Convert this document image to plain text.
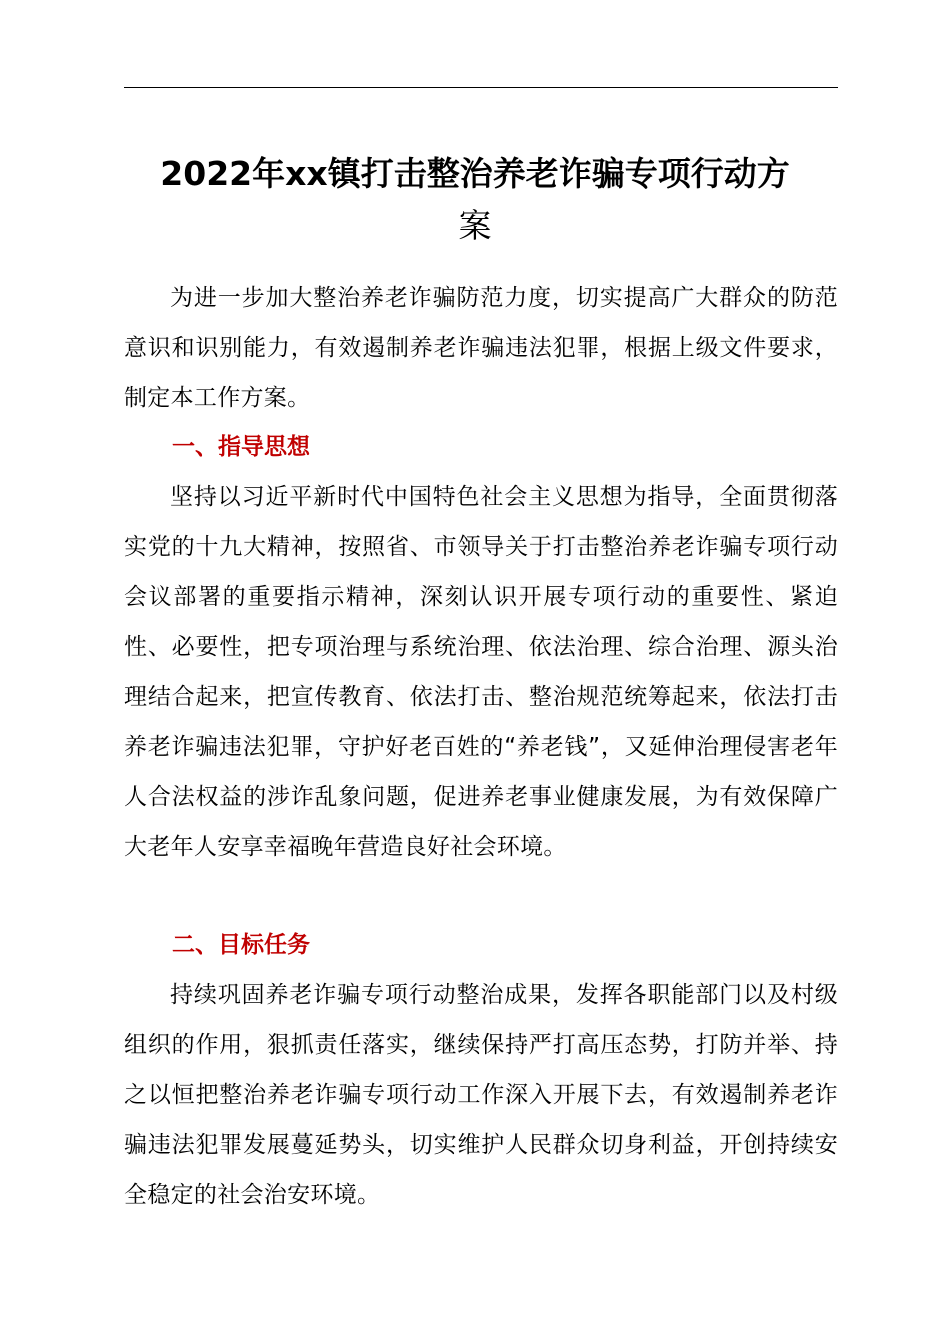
2022年xx镇打击整治养老诈骗专项行动方
案

为进一步加大整治养老诈骗防范力度，切实提高广大群众的防范意识和识别能力，有效遏制养老诈骗违法犯罪，根据上级文件要求，制定本工作方案。

一、指导思想

坚持以习近平新时代中国特色社会主义思想为指导，全面贯彻落实党的十九大精神，按照省、市领导关于打击整治养老诈骗专项行动会议部署的重要指示精神，深刻认识开展专项行动的重要性、紧迫性、必要性，把专项治理与系统治理、依法治理、综合治理、源头治理结合起来，把宣传教育、依法打击、整治规范统筹起来，依法打击养老诈骗违法犯罪，守护好老百姓的“养老钱”，又延伸治理侵害老年人合法权益的涉诈乱象问题，促进养老事业健康发展，为有效保障广大老年人安享幸福晚年营造良好社会环境。

二、目标任务

持续巩固养老诈骗专项行动整治成果，发挥各职能部门以及村级组织的作用，狠抓责任落实，继续保持严打高压态势，打防并举、持之以恒把整治养老诈骗专项行动工作深入开展下去，有效遏制养老诈骗违法犯罪发展蔓延势头，切实维护人民群众切身利益，开创持续安全稳定的社会治安环境。
